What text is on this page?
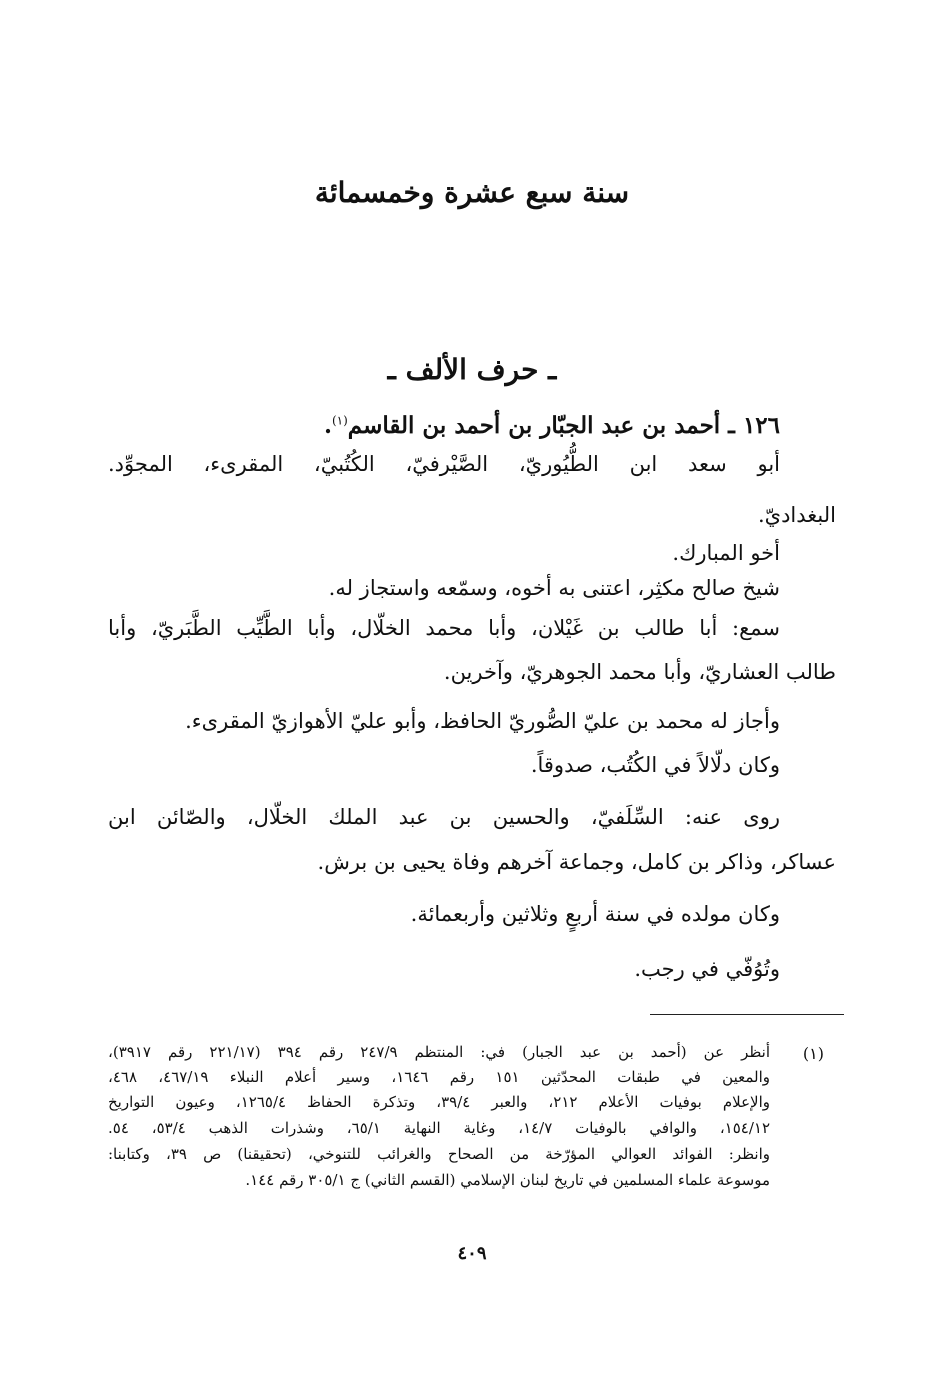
سنة سبع عشرة وخمسمائة
ـ حرف الألف ـ
١٢٦ ـ أحمد بن عبد الجبّار بن أحمد بن القاسم$^{(١)}$.
أبو سعد ابن الطُّيُوريّ، الصَّيْرفيّ، الكُتُبيّ، المقرىء، المجوِّد.
البغداديّ.
أخو المبارك.
شيخ صالح مكثِر، اعتنى به أخوه، وسمّعه واستجاز له.
سمع: أبا طالب بن غَيْلان، وأبا محمد الخلّال، وأبا الطَّيِّب الطَّبَريّ، وأبا
طالب العشاريّ، وأبا محمد الجوهريّ، وآخرين.
وأجاز له محمد بن عليّ الصُّوريّ الحافظ، وأبو عليّ الأهوازيّ المقرىء.
وكان دلّالاً في الكُتُب، صدوقاً.
روى عنه: السِّلَفيّ، والحسين بن عبد الملك الخلّال، والصّائن ابن
عساكر، وذاكر بن كامل، وجماعة آخرهم وفاة يحيى بن برش.
وكان مولده في سنة أربعٍ وثلاثين وأربعمائة.
وتُوُفّي في رجب.
(١)
أنظر عن (أحمد بن عبد الجبار) في: المنتظم ٢٤٧/٩ رقم ٣٩٤ (٢٢١/١٧ رقم ٣٩١٧)،
والمعين في طبقات المحدّثين ١٥١ رقم ١٦٤٦، وسير أعلام النبلاء ٤٦٧/١٩، ٤٦٨،
والإعلام بوفيات الأعلام ٢١٢، والعبر ٣٩/٤، وتذكرة الحفاظ ١٢٦٥/٤، وعيون التواريخ
١٥٤/١٢، والوافي بالوفيات ١٤/٧، وغاية النهاية ٦٥/١، وشذرات الذهب ٥٣/٤، ٥٤.
وانظر: الفوائد العوالي المؤرّخة من الصحاح والغرائب للتنوخي، (تحقيقنا) ص ٣٩، وكتابنا:
موسوعة علماء المسلمين في تاريخ لبنان الإسلامي (القسم الثاني) ج ٣٠٥/١ رقم ١٤٤.
٤٠٩
